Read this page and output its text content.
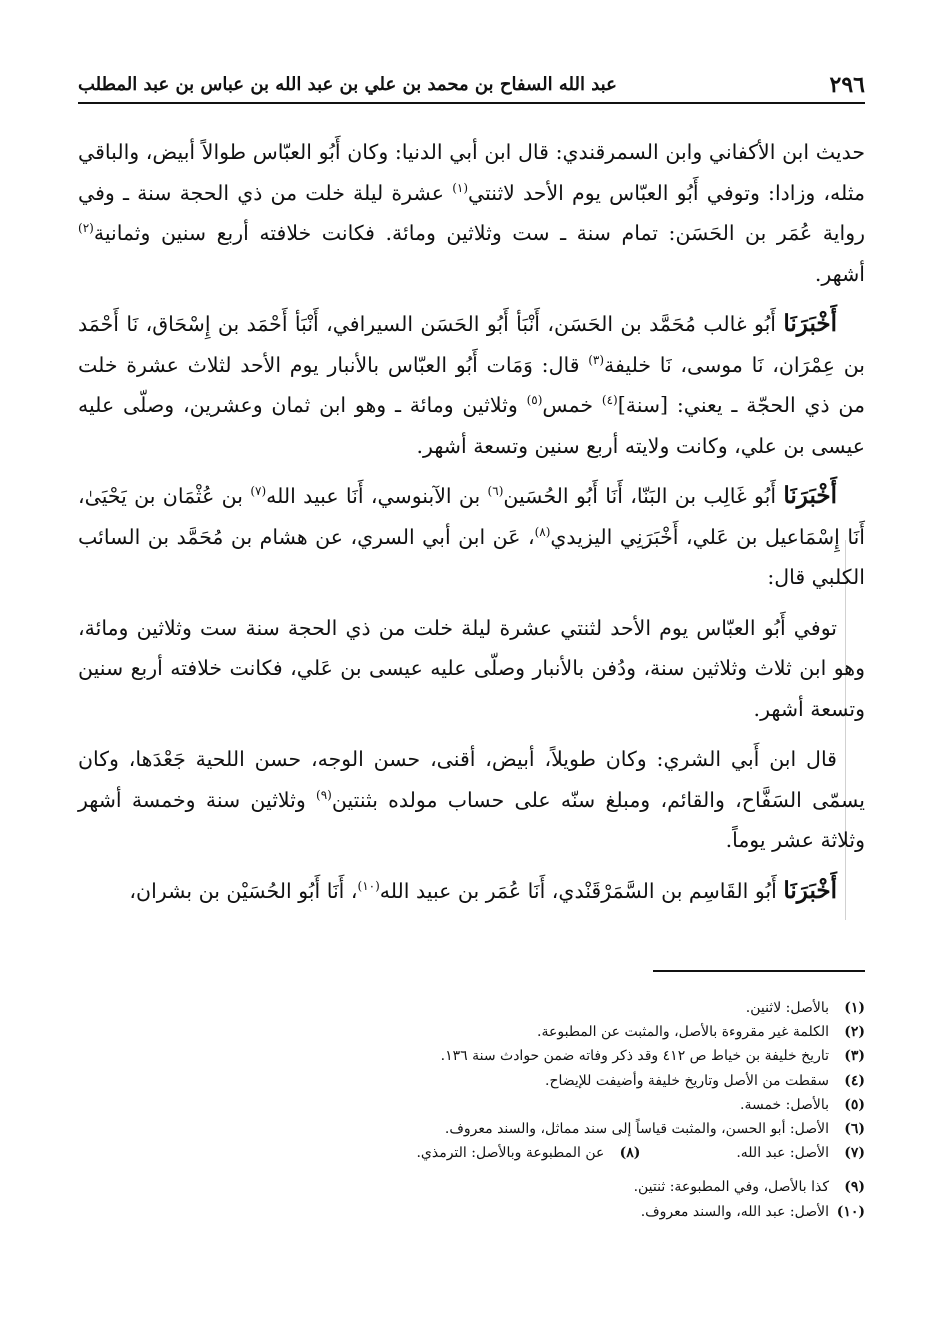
٢٩٦
عبد الله السفاح بن محمد بن علي بن عبد الله بن عباس بن عبد المطلب

حديث ابن الأكفاني وابن السمرقندي: قال ابن أبي الدنيا: وكان أَبُو العبّاس طوالاً أبيض، والباقي مثله، وزادا: وتوفي أَبُو العبّاس يوم الأحد لاثنتي$^{(١)}$ عشرة ليلة خلت من ذي الحجة سنة ـ وفي رواية عُمَر بن الحَسَن: تمام سنة ـ ست وثلاثين ومائة. فكانت خلافته أربع سنين وثمانية$^{(٢)}$ أشهر.

أَخْبَرَنَا أَبُو غالب مُحَمَّد بن الحَسَن، أَنْبَأ أَبُو الحَسَن السيرافي، أَنْبَأ أَحْمَد بن إِسْحَاق، نَا أَحْمَد بن عِمْرَان، نَا موسى، نَا خليفة$^{(٣)}$ قال: وَمَات أَبُو العبّاس بالأنبار يوم الأحد لثلاث عشرة خلت من ذي الحجّة ـ يعني: [سنة]$^{(٤)}$ خمس$^{(٥)}$ وثلاثين ومائة ـ وهو ابن ثمان وعشرين، وصلّى عليه عيسى بن علي، وكانت ولايته أربع سنين وتسعة أشهر.

أَخْبَرَنَا أَبُو غَالِب بن البَنّا، أَنَا أَبُو الحُسَين$^{(٦)}$ بن الآبنوسي، أَنَا عبيد الله$^{(٧)}$ بن عُثْمَان بن يَحْيَىٰ، أَنَا إِسْمَاعيل بن عَلي، أَخْبَرَنِي اليزيدي$^{(٨)}$، عَن ابن أبي السري، عن هشام بن مُحَمَّد بن السائب الكلبي قال:

توفي أَبُو العبّاس يوم الأحد لثنتي عشرة ليلة خلت من ذي الحجة سنة ست وثلاثين ومائة، وهو ابن ثلاث وثلاثين سنة، ودُفن بالأنبار وصلّى عليه عيسى بن عَلي، فكانت خلافته أربع سنين وتسعة أشهر.

قال ابن أَبي الشري: وكان طويلاً، أبيض، أقنى، حسن الوجه، حسن اللحية جَعْدَها، وكان يسمّى السَفَّاح، والقائم، ومبلغ سنّه على حساب مولده بثنتين$^{(٩)}$ وثلاثين سنة وخمسة أشهر وثلاثة عشر يوماً.

أَخْبَرَنَا أَبُو القَاسِم بن السَّمَرْقَنْدي، أَنَا عُمَر بن عبيد الله$^{(١٠)}$، أَنَا أَبُو الحُسَيْن بن بشران،

(١)
بالأصل: لاثنين.
(٢)
الكلمة غير مقروءة بالأصل، والمثبت عن المطبوعة.
(٣)
تاريخ خليفة بن خياط ص ٤١٢ وقد ذكر وفاته ضمن حوادث سنة ١٣٦.
(٤)
سقطت من الأصل وتاريخ خليفة وأضيفت للإيضاح.
(٥)
بالأصل: خمسة.
(٦)
الأصل: أبو الحسن، والمثبت قياساً إلى سند مماثل، والسند معروف.
(٧)
الأصل: عبد الله.
(٨)
عن المطبوعة وبالأصل: الترمذي.
(٩)
كذا بالأصل، وفي المطبوعة: ثنتين.
(١٠)
الأصل: عبد الله، والسند معروف.
